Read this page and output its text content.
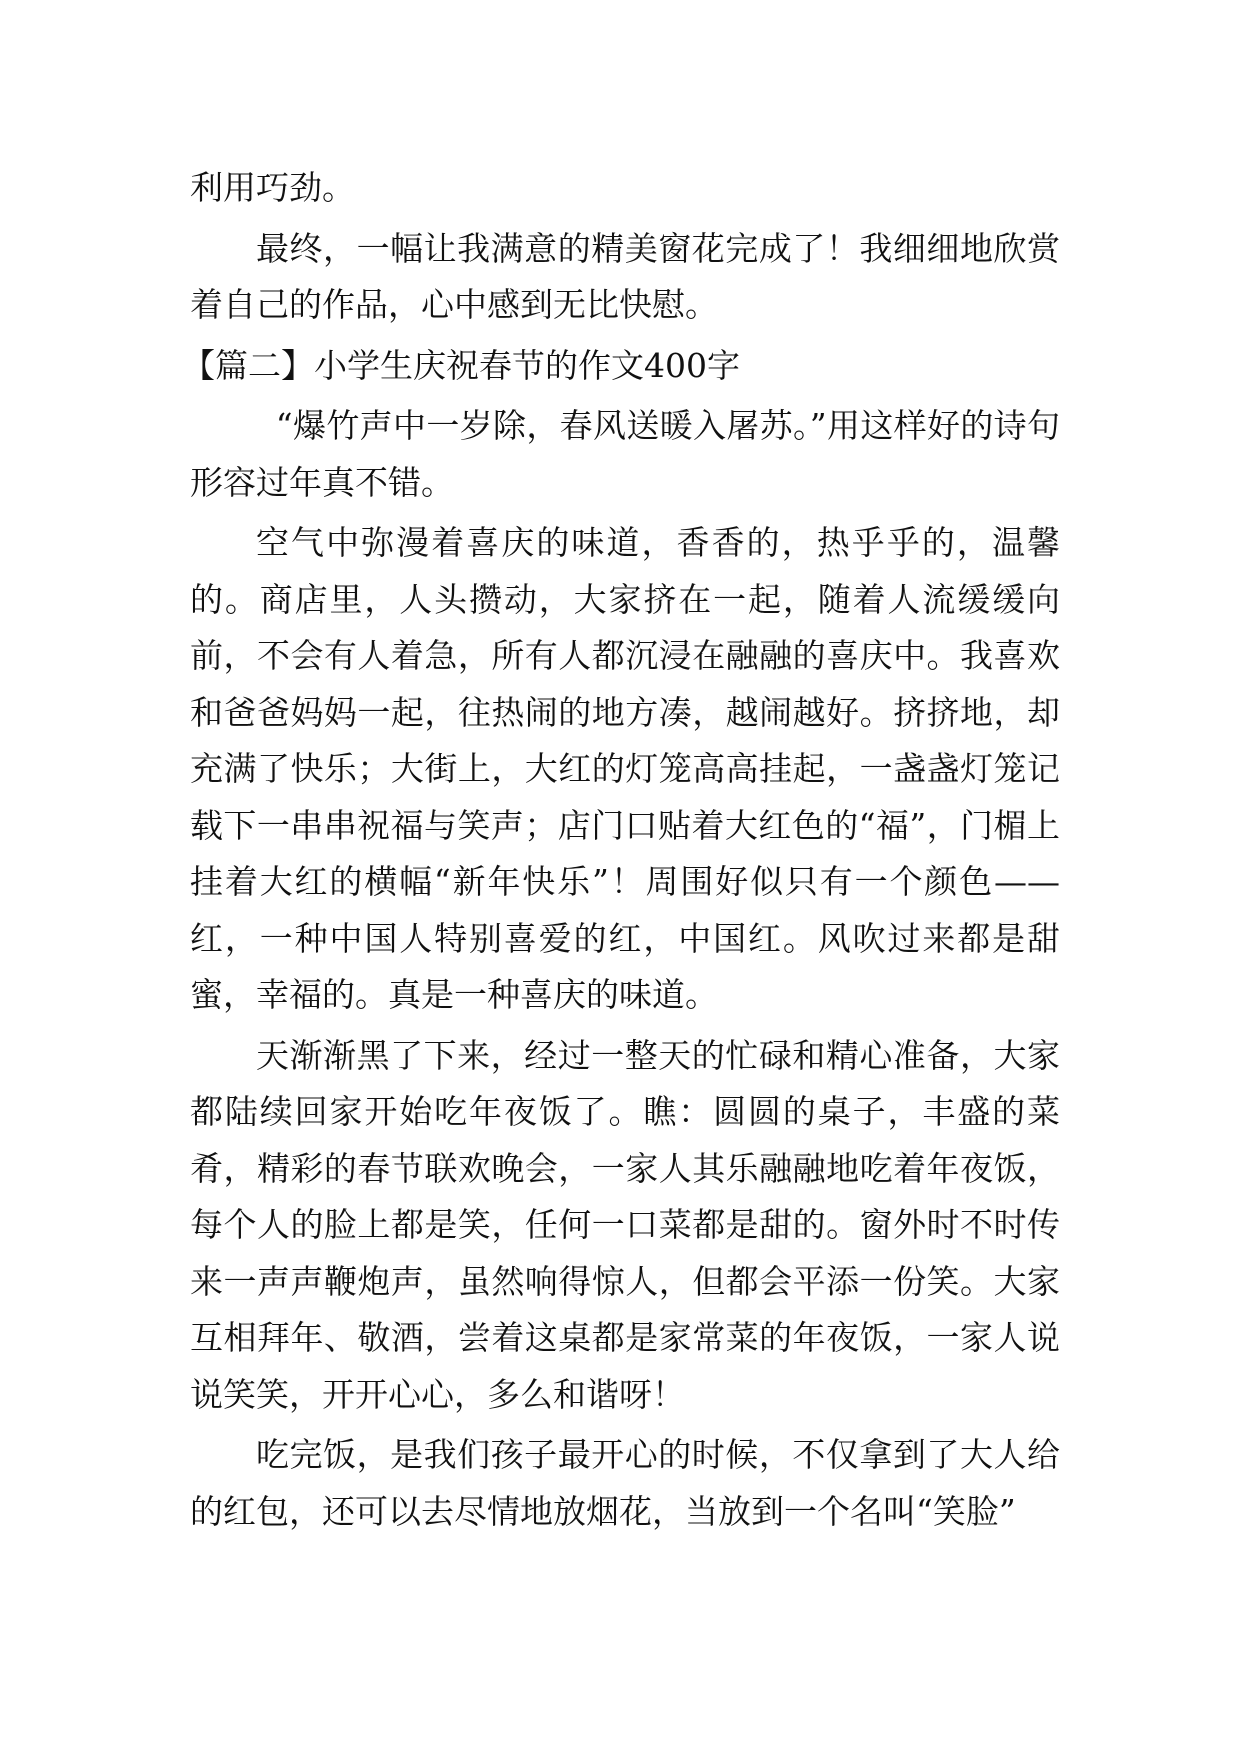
利用巧劲。

最终，一幅让我满意的精美窗花完成了！我细细地欣赏着自己的作品，心中感到无比快慰。

【篇二】小学生庆祝春节的作文400字

“爆竹声中一岁除，春风送暖入屠苏。”用这样好的诗句形容过年真不错。

空气中弥漫着喜庆的味道，香香的，热乎乎的，温馨的。商店里，人头攒动，大家挤在一起，随着人流缓缓向前，不会有人着急，所有人都沉浸在融融的喜庆中。我喜欢和爸爸妈妈一起，往热闹的地方凑，越闹越好。挤挤地，却充满了快乐；大街上，大红的灯笼高高挂起，一盏盏灯笼记载下一串串祝福与笑声；店门口贴着大红色的“福”，门楣上挂着大红的横幅“新年快乐”！周围好似只有一个颜色——红，一种中国人特别喜爱的红，中国红。风吹过来都是甜蜜，幸福的。真是一种喜庆的味道。

天渐渐黑了下来，经过一整天的忙碌和精心准备，大家都陆续回家开始吃年夜饭了。瞧：圆圆的桌子，丰盛的菜肴，精彩的春节联欢晚会，一家人其乐融融地吃着年夜饭，每个人的脸上都是笑，任何一口菜都是甜的。窗外时不时传来一声声鞭炮声，虽然响得惊人，但都会平添一份笑。大家互相拜年、敬酒，尝着这桌都是家常菜的年夜饭，一家人说说笑笑，开开心心，多么和谐呀！

吃完饭，是我们孩子最开心的时候，不仅拿到了大人给的红包，还可以去尽情地放烟花，当放到一个名叫“笑脸”
